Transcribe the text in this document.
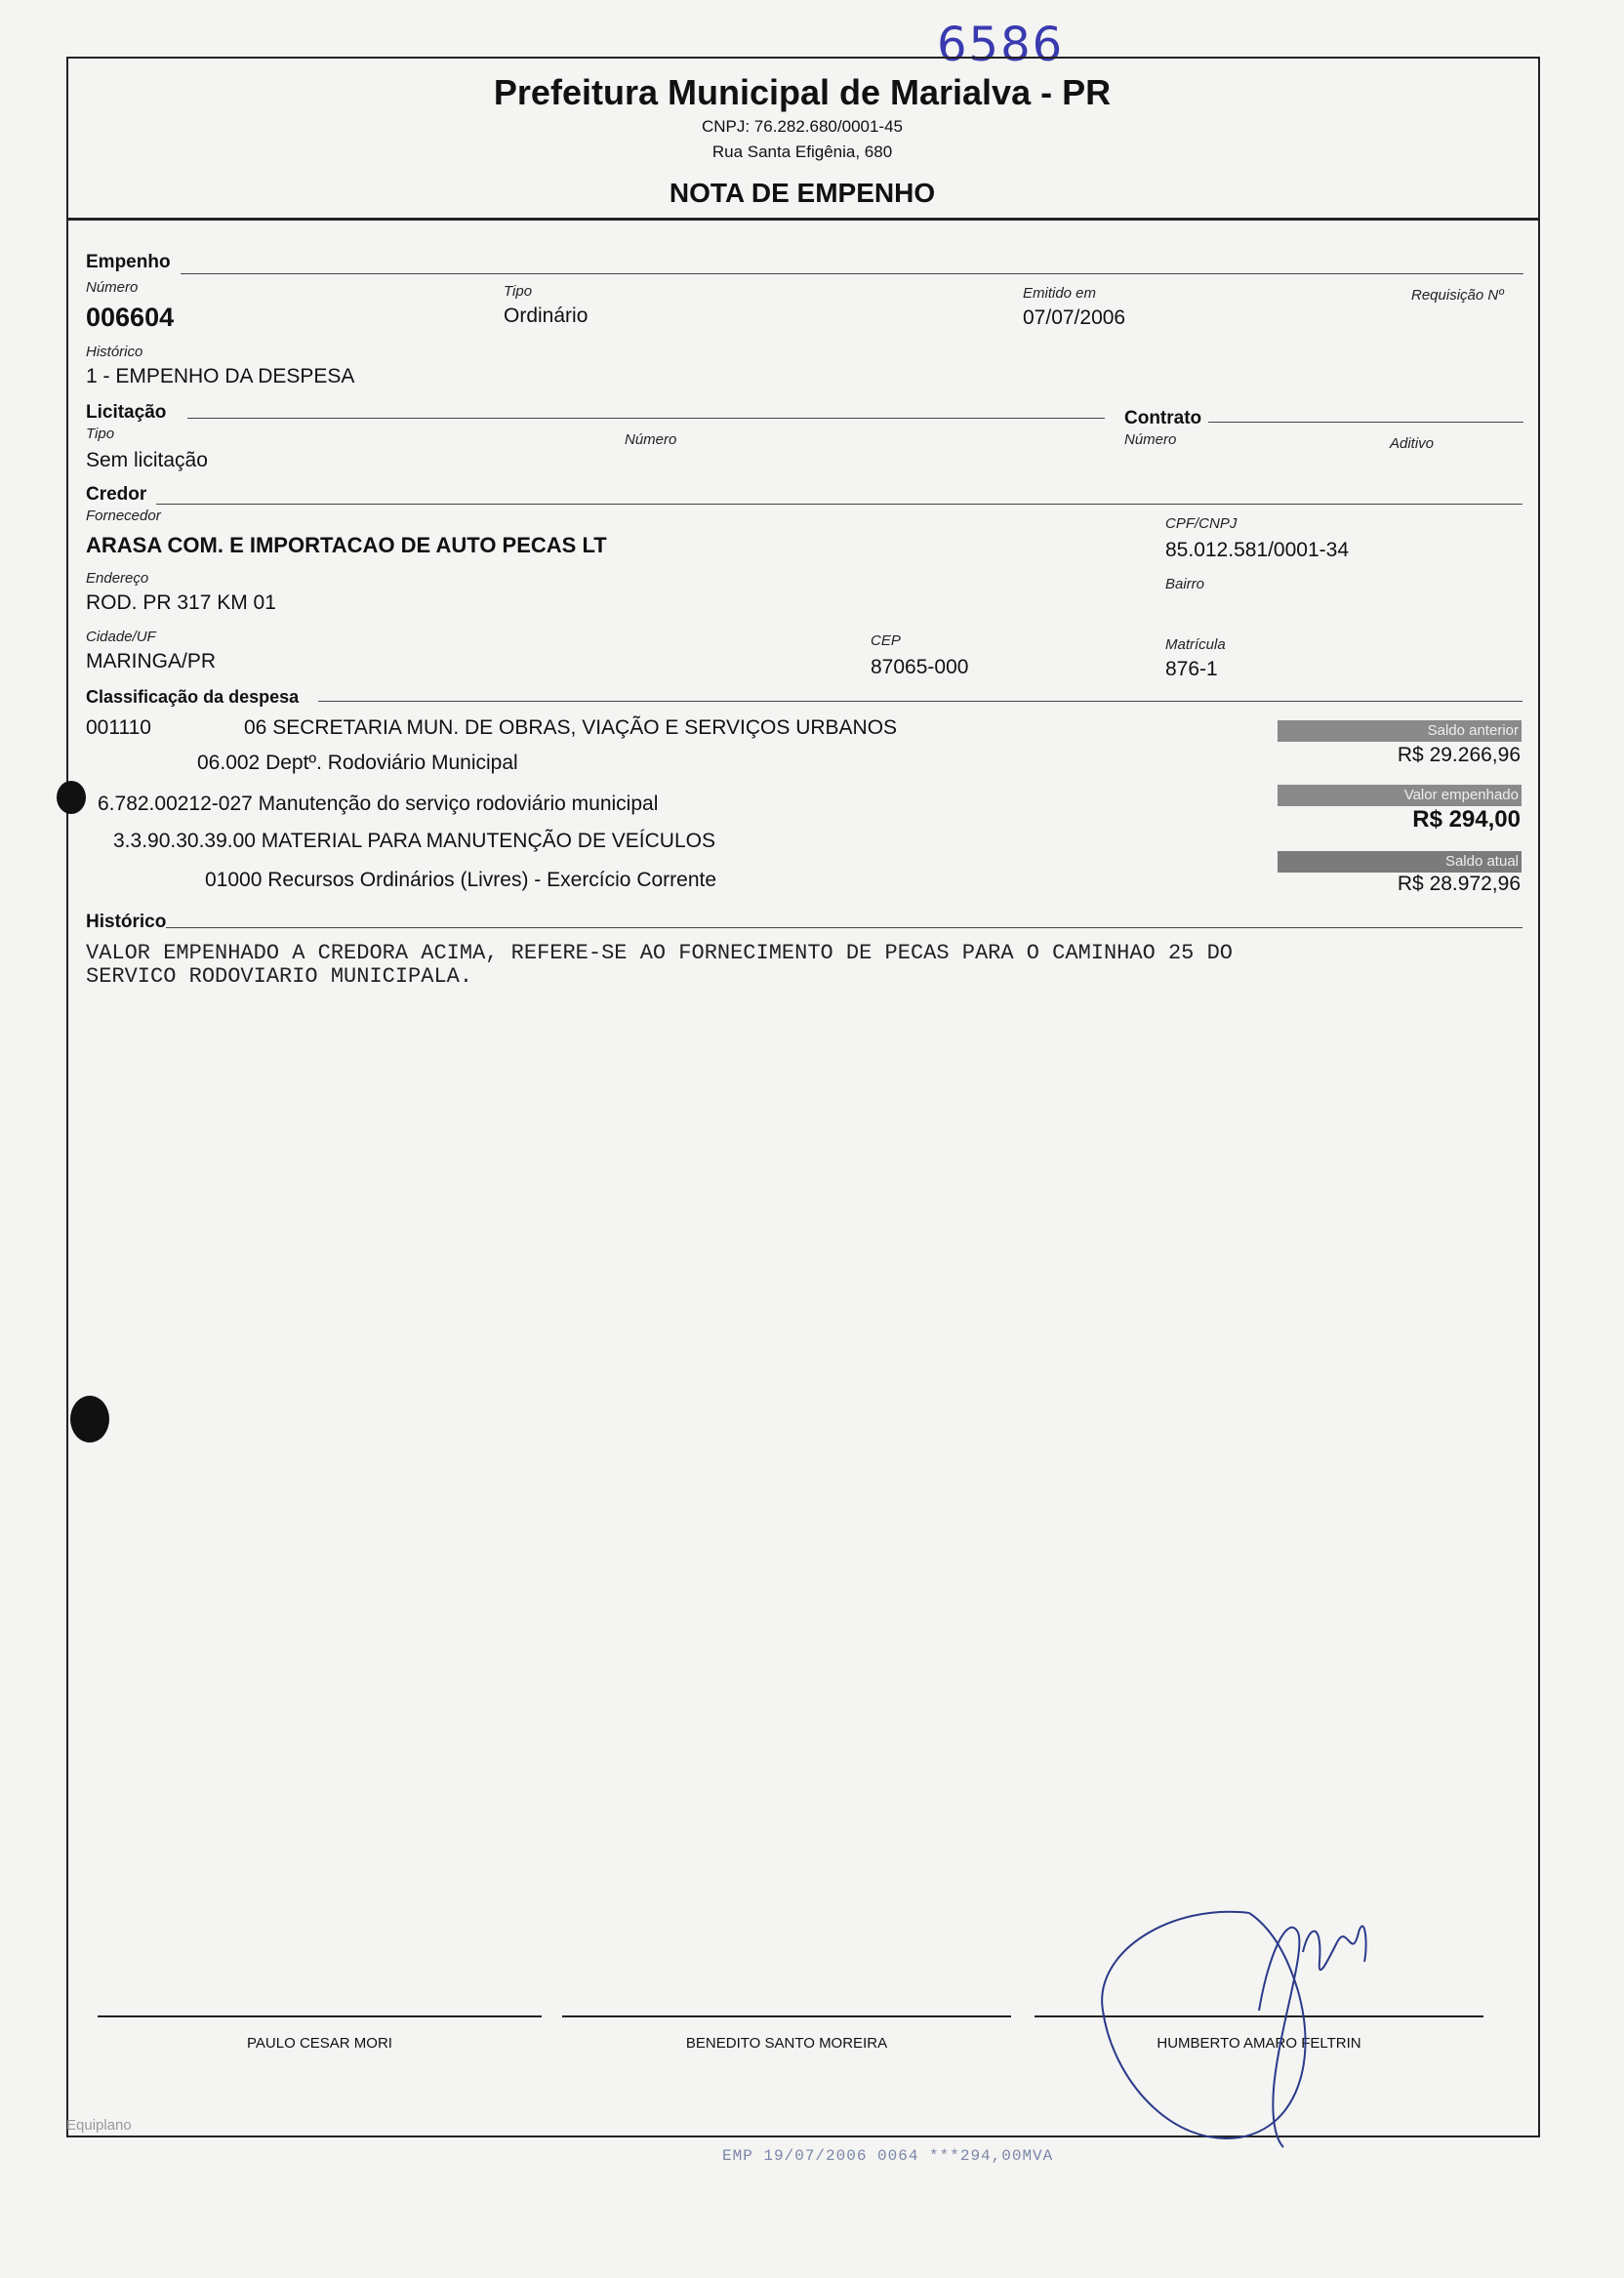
6586
Prefeitura Municipal de Marialva - PR
CNPJ: 76.282.680/0001-45
Rua Santa Efigênia, 680
NOTA DE EMPENHO
Empenho
Número
006604
Tipo
Ordinário
Emitido em
07/07/2006
Requisição Nº
Histórico
1 - EMPENHO DA DESPESA
Licitação
Tipo
Sem licitação
Número
Contrato
Número	Aditivo
Credor
Fornecedor
ARASA COM. E IMPORTACAO DE AUTO PECAS LT
CPF/CNPJ
85.012.581/0001-34
Endereço
ROD. PR 317 KM 01
Bairro
Cidade/UF
MARINGA/PR
CEP
87065-000
Matrícula
876-1
Classificação da despesa
001110	06 SECRETARIA MUN. DE OBRAS, VIAÇÃO E SERVIÇOS URBANOS
06.002 Deptº. Rodoviário Municipal
6.782.00212-027 Manutenção do serviço rodoviário municipal
3.3.90.30.39.00 MATERIAL PARA MANUTENÇÃO DE VEÍCULOS
01000 Recursos Ordinários (Livres) - Exercício Corrente
Saldo anterior
R$ 29.266,96
Valor empenhado
R$ 294,00
Saldo atual
R$ 28.972,96
Histórico
VALOR EMPENHADO A CREDORA ACIMA, REFERE-SE AO FORNECIMENTO DE PECAS PARA O CAMINHAO 25 DO
SERVICO RODOVIARIO MUNICIPALA.
PAULO CESAR MORI	BENEDITO SANTO MOREIRA	HUMBERTO AMARO FELTRIN
Equiplano
EMP 19/07/2006 0064 ***294,00MVA
